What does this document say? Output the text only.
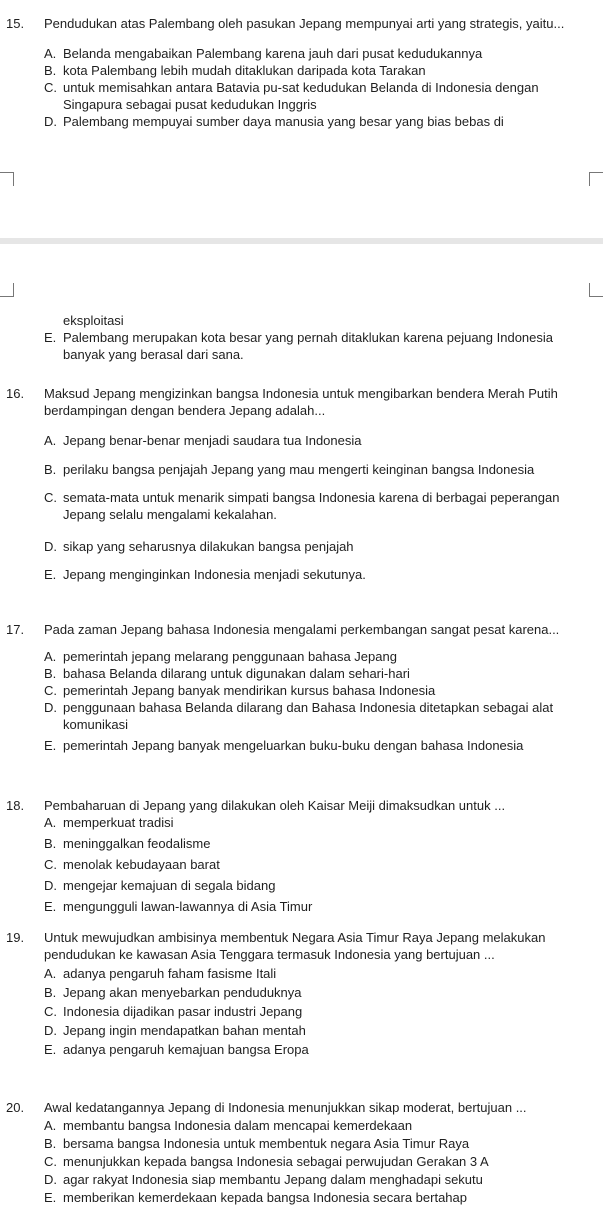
15.	Pendudukan atas Palembang oleh pasukan Jepang mempunyai arti yang strategis, yaitu...
A. Belanda mengabaikan Palembang karena jauh dari pusat kedudukannya
B. kota Palembang lebih mudah ditaklukan daripada kota Tarakan
C. untuk memisahkan antara Batavia pu-sat kedudukan Belanda di Indonesia dengan Singapura sebagai pusat kedudukan Inggris
D. Palembang mempuyai sumber daya manusia yang besar yang bias bebas di
eksploitasi
E. Palembang merupakan kota besar yang pernah ditaklukan karena pejuang Indonesia banyak yang berasal dari sana.
16.	Maksud Jepang mengizinkan bangsa Indonesia untuk mengibarkan bendera Merah Putih berdampingan dengan bendera Jepang adalah...
A. Jepang benar-benar menjadi saudara tua Indonesia
B. perilaku bangsa penjajah Jepang yang mau mengerti keinginan bangsa Indonesia
C. semata-mata untuk menarik simpati bangsa Indonesia karena di berbagai peperangan Jepang selalu mengalami kekalahan.
D. sikap yang seharusnya dilakukan bangsa penjajah
E. Jepang menginginkan Indonesia menjadi sekutunya.
17.	Pada zaman Jepang bahasa Indonesia mengalami perkembangan sangat pesat karena...
A. pemerintah jepang melarang penggunaan bahasa Jepang
B. bahasa Belanda dilarang untuk digunakan dalam sehari-hari
C. pemerintah Jepang banyak mendirikan kursus bahasa Indonesia
D. penggunaan bahasa Belanda dilarang dan Bahasa Indonesia ditetapkan sebagai alat komunikasi
E. pemerintah Jepang banyak mengeluarkan buku-buku dengan bahasa Indonesia
18.	Pembaharuan di Jepang yang dilakukan oleh Kaisar Meiji dimaksudkan untuk ...
A. memperkuat tradisi
B. meninggalkan feodalisme
C. menolak kebudayaan barat
D. mengejar kemajuan di segala bidang
E. mengungguli lawan-lawannya di Asia Timur
19.	Untuk mewujudkan ambisinya membentuk Negara Asia Timur Raya Jepang melakukan pendudukan ke kawasan Asia Tenggara termasuk Indonesia yang bertujuan ...
A. adanya pengaruh faham fasisme Itali
B. Jepang akan menyebarkan penduduknya
C. Indonesia dijadikan pasar industri Jepang
D. Jepang ingin mendapatkan bahan mentah
E. adanya pengaruh kemajuan bangsa Eropa
20.	Awal kedatangannya Jepang di Indonesia menunjukkan sikap moderat, bertujuan ...
A. membantu bangsa Indonesia dalam mencapai kemerdekaan
B. bersama bangsa Indonesia untuk membentuk negara Asia Timur Raya
C. menunjukkan kepada bangsa Indonesia sebagai perwujudan Gerakan 3 A
D. agar rakyat Indonesia siap membantu Jepang dalam menghadapi sekutu
E. memberikan kemerdekaan kepada bangsa Indonesia secara bertahap
